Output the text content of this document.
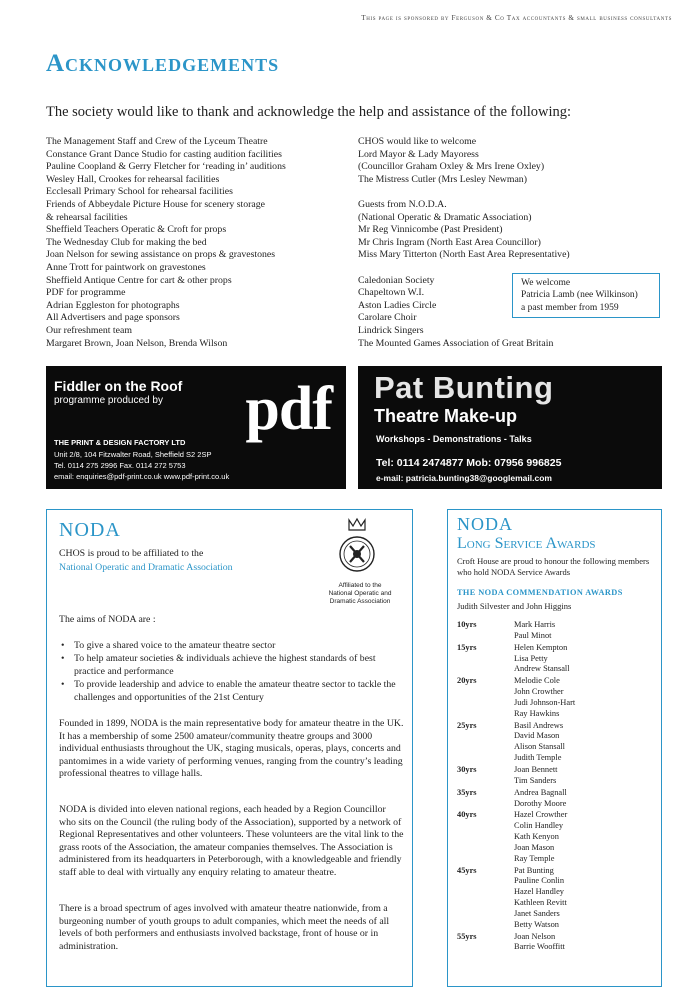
This page is sponsored by Ferguson & Co Tax accountants & small business consultants
Acknowledgements

The society would like to thank and acknowledge the help and assistance of the following:

The Management Staff and Crew of the Lyceum Theatre
Constance Grant Dance Studio for casting audition facilities
Pauline Coopland & Gerry Fletcher for ‘reading in’ auditions
Wesley Hall, Crookes for rehearsal facilities
Ecclesall Primary School for rehearsal facilities
Friends of Abbeydale Picture House for scenery storage
& rehearsal facilities
Sheffield Teachers Operatic & Croft for props
The Wednesday Club for making the bed
Joan Nelson for sewing assistance on props & gravestones
Anne Trott for paintwork on gravestones
Sheffield Antique Centre for cart & other props
PDF for programme
Adrian Eggleston for photographs
All Advertisers and page sponsors
Our refreshment team
Margaret Brown, Joan Nelson, Brenda Wilson
CHOS would like to welcome
Lord Mayor & Lady Mayoress
(Councillor Graham Oxley & Mrs Irene Oxley)
The Mistress Cutler (Mrs Lesley Newman)
Guests from N.O.D.A.
(National Operatic & Dramatic Association)
Mr Reg Vinnicombe (Past President)
Mr Chris Ingram (North East Area Councillor)
Miss Mary Titterton (North East Area Representative)
Caledonian Society
Chapeltown W.I.
Aston Ladies Circle
Carolare Choir
Lindrick Singers
The Mounted Games Association of Great Britain
We welcome
Patricia Lamb (nee Wilkinson)
a past member from 1959
Fiddler on the Roof
programme produced by pdf
THE PRINT & DESIGN FACTORY LTD
Unit 2/8, 104 Fitzwalter Road, Sheffield S2 2SP
Tel. 0114 275 2996 Fax. 0114 272 5753
email: enquiries@pdf-print.co.uk www.pdf-print.co.uk
Pat Bunting
Theatre Make-up
Workshops - Demonstrations - Talks
Tel: 0114 2474877 Mob: 07956 996825
e-mail: patricia.bunting38@googlemail.com
NODA
CHOS is proud to be affiliated to the
National Operatic and Dramatic Association
Affiliated to the
National Operatic and
Dramatic Association
The aims of NODA are :
• To give a shared voice to the amateur theatre sector
• To help amateur societies & individuals achieve the highest standards of best practice and performance
• To provide leadership and advice to enable the amateur theatre sector to tackle the challenges and opportunities of the 21st Century

Founded in 1899, NODA is the main representative body for amateur theatre in the UK. It has a membership of some 2500 amateur/community theatre groups and 3000 individual enthusiasts throughout the UK, staging musicals, operas, plays, concerts and pantomimes in a wide variety of performing venues, ranging from the country’s leading professional theatres to village halls.

NODA is divided into eleven national regions, each headed by a Region Councillor who sits on the Council (the ruling body of the Association), supported by a network of Regional Representatives and other volunteers. These volunteers are the vital link to the grass roots of the Association, the amateur companies themselves. The Association is administered from its headquarters in Peterborough, with a knowledgeable and friendly staff able to deal with virtually any enquiry relating to amateur theatre.

There is a broad spectrum of ages involved with amateur theatre nationwide, from a burgeoning number of youth groups to adult companies, which meet the needs of all levels of both performers and enthusiasts involved backstage, front of house or in administration.

NODA
Long Service Awards
Croft House are proud to honour the following members who hold NODA Service Awards
THE NODA COMMENDATION AWARDS
Judith Silvester and John Higgins
10yrs	Mark Harris
Paul Minot
15yrs	Helen Kempton
Lisa Petty
Andrew Stansall
20yrs	Melodie Cole
John Crowther
Judi Johnson-Hart
Ray Hawkins
25yrs	Basil Andrews
David Mason
Alison Stansall
Judith Temple
30yrs	Joan Bennett
Tim Sanders
35yrs	Andrea Bagnall
Dorothy Moore
40yrs	Hazel Crowther
Colin Handley
Kath Kenyon
Joan Mason
Ray Temple
45yrs	Pat Bunting
Pauline Conlin
Hazel Handley
Kathleen Revitt
Janet Sanders
Betty Watson
55yrs	Joan Nelson
Barrie Wooffitt
